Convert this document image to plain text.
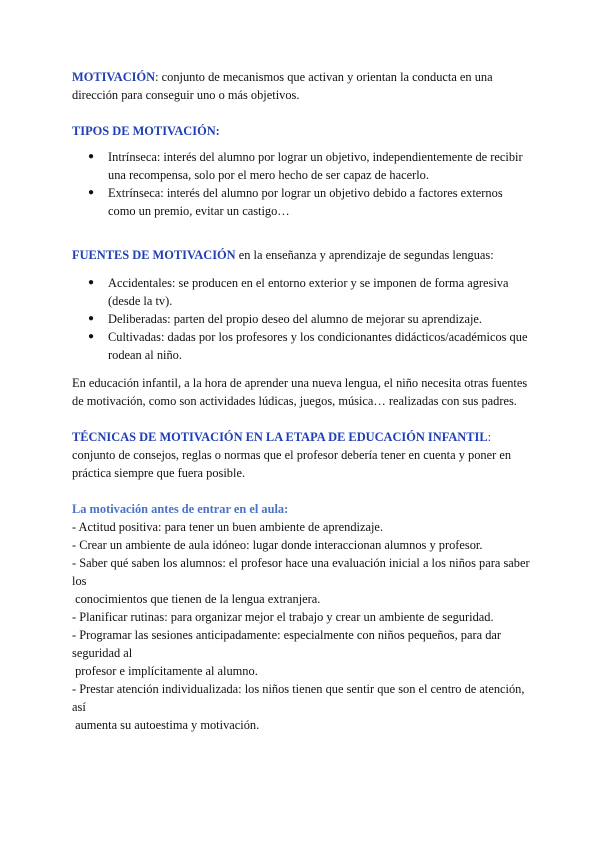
MOTIVACIÓN: conjunto de mecanismos que activan y orientan la conducta en una dirección para conseguir uno o más objetivos.

TIPOS DE MOTIVACIÓN:

● Intrínseca: interés del alumno por lograr un objetivo, independientemente de recibir una recompensa, solo por el mero hecho de ser capaz de hacerlo.
● Extrínseca: interés del alumno por lograr un objetivo debido a factores externos como un premio, evitar un castigo…

FUENTES DE MOTIVACIÓN en la enseñanza y aprendizaje de segundas lenguas:

● Accidentales: se producen en el entorno exterior y se imponen de forma agresiva (desde la tv).
● Deliberadas: parten del propio deseo del alumno de mejorar su aprendizaje.
● Cultivadas: dadas por los profesores y los condicionantes didácticos/académicos que rodean al niño.

En educación infantil, a la hora de aprender una nueva lengua, el niño necesita otras fuentes de motivación, como son actividades lúdicas, juegos, música… realizadas con sus padres.

TÉCNICAS DE MOTIVACIÓN EN LA ETAPA DE EDUCACIÓN INFANTIL:

conjunto de consejos, reglas o normas que el profesor debería tener en cuenta y poner en práctica siempre que fuera posible.

La motivación antes de entrar en el aula:

- Actitud positiva: para tener un buen ambiente de aprendizaje.
- Crear un ambiente de aula idóneo: lugar donde interaccionan alumnos y profesor.
- Saber qué saben los alumnos: el profesor hace una evaluación inicial a los niños para saber los
conocimientos que tienen de la lengua extranjera.
- Planificar rutinas: para organizar mejor el trabajo y crear un ambiente de seguridad.
- Programar las sesiones anticipadamente: especialmente con niños pequeños, para dar seguridad al
profesor e implícitamente al alumno.
- Prestar atención individualizada: los niños tienen que sentir que son el centro de atención, así
aumenta su autoestima y motivación.
